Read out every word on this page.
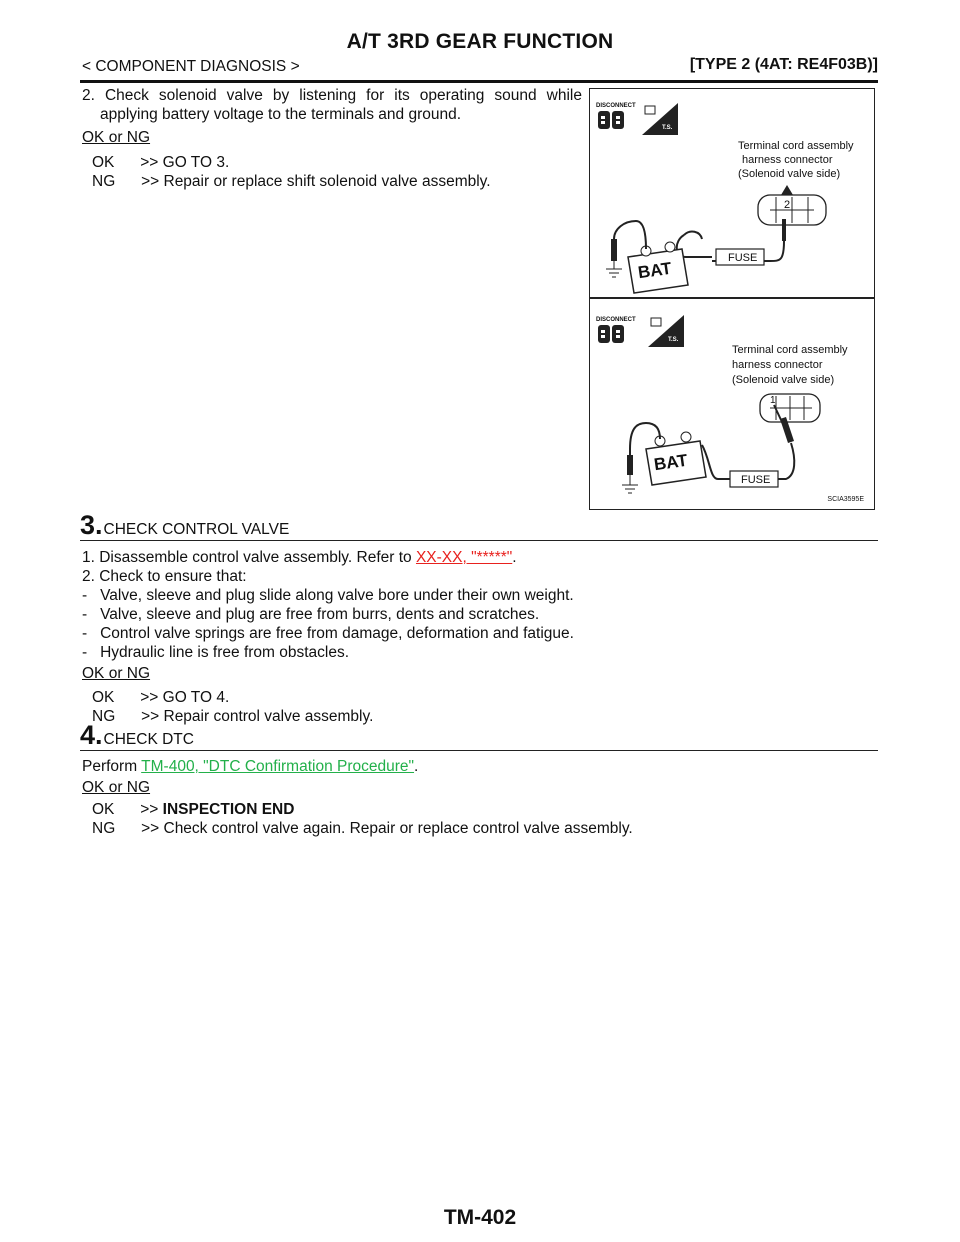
A/T 3RD GEAR FUNCTION
< COMPONENT DIAGNOSIS >	[TYPE 2 (4AT: RE4F03B)]
2. Check solenoid valve by listening for its operating sound while
applying battery voltage to the terminals and ground.
OK or NG
OK      >> GO TO 3.
NG      >> Repair or replace shift solenoid valve assembly.
DISCONNECT
T.S.
Terminal cord assembly
harness connector
(Solenoid valve side)
2
FUSE
BAT
DISCONNECT
T.S.
Terminal cord assembly
harness connector
(Solenoid valve side)
1
FUSE
BAT
SCIA3595E
3.CHECK CONTROL VALVE
1. Disassemble control valve assembly. Refer to XX-XX, "*****".
2. Check to ensure that:
-   Valve, sleeve and plug slide along valve bore under their own weight.
-   Valve, sleeve and plug are free from burrs, dents and scratches.
-   Control valve springs are free from damage, deformation and fatigue.
-   Hydraulic line is free from obstacles.
OK or NG
OK      >> GO TO 4.
NG      >> Repair control valve assembly.
4.CHECK DTC
Perform TM-400, "DTC Confirmation Procedure".
OK or NG
OK      >> INSPECTION END
NG      >> Check control valve again. Repair or replace control valve assembly.
TM-402
